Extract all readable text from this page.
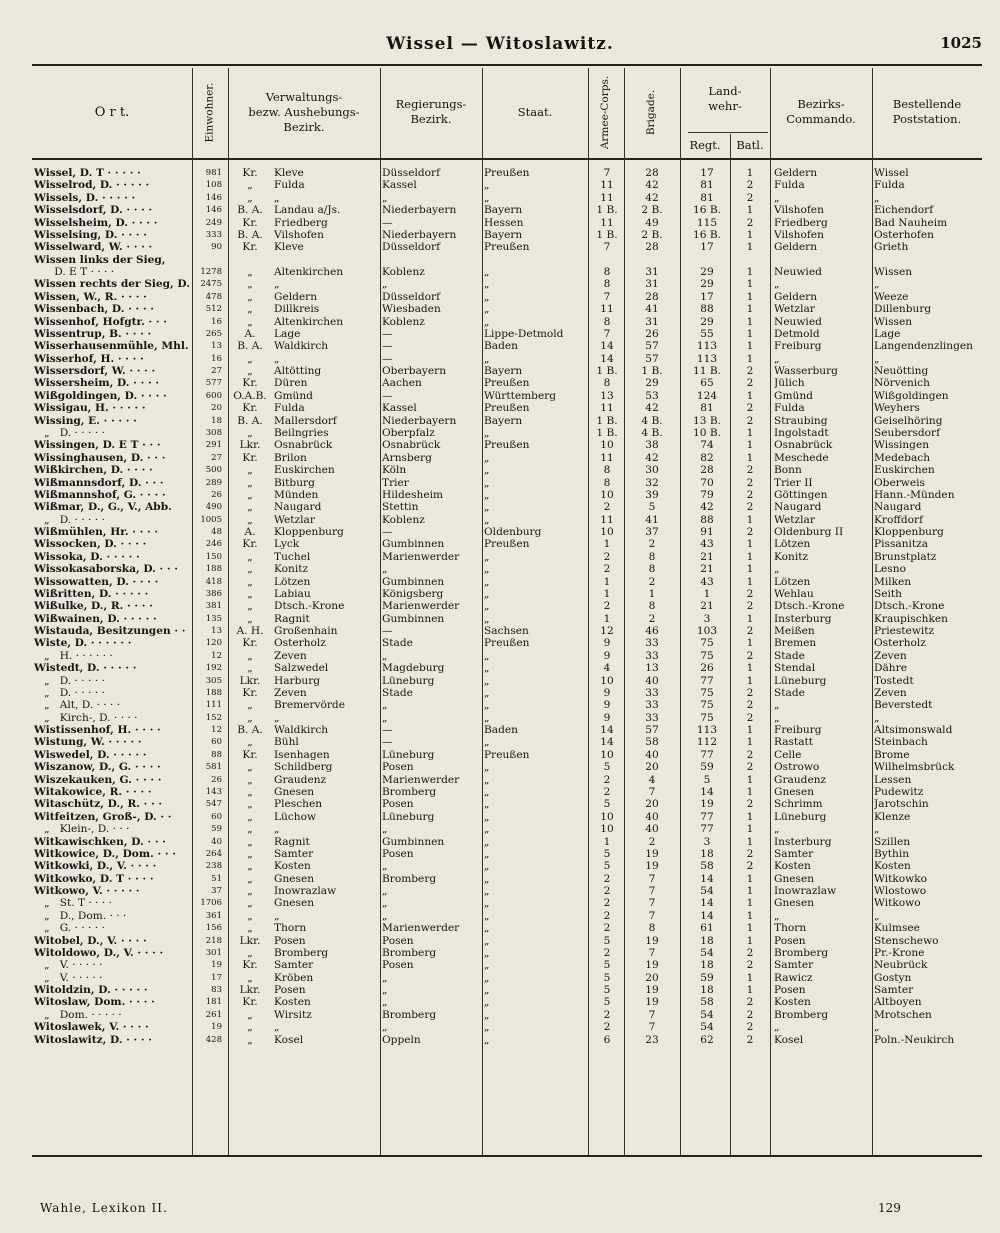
Wissel — Witoslawitz.	1025
O r t.	Einwohner.	Verwaltungs-
bezw. Aushebungs-
Bezirk.
Regierungs-
Bezirk.
Staat.	Armee-Corps.	Brigade.	Land-
wehr-
Regt.	Batl.
Bezirks-
Commando.
Bestellende
Poststation.
Wissel, D. T · · · · ·	981	Kr.	Kleve	Düsseldorf	Preußen	7	28	17	1	Geldern	Wissel
Wisselrod, D. · · · · ·	108	„	Fulda	Kassel	„	11	42	81	2	Fulda	Fulda
Wissels, D. · · · · ·	146	„	„	„	„	11	42	81	2	„	„
Wisselsdorf, D. · · · ·	146	B. A.	Landau a/Js.	Niederbayern	Bayern	1 B.	2 B.	16 B.	1	Vilshofen	Eichendorf
Wisselsheim, D. · · · ·	249	Kr.	Friedberg	—	Hessen	11	49	115	2	Friedberg	Bad Nauheim
Wisselsing, D. · · · ·	333	B. A.	Vilshofen	Niederbayern	Bayern	1 B.	2 B.	16 B.	1	Vilshofen	Osterhofen
Wisselward, W. · · · ·	90	Kr.	Kleve	Düsseldorf	Preußen	7	28	17	1	Geldern	Grieth
Wissen links der Sieg,
D. E T · · · ·	1278	„	Altenkirchen	Koblenz	„	8	31	29	1	Neuwied	Wissen
Wissen rechts der Sieg, D.	2475	„	„	„	„	8	31	29	1	„	„
Wissen, W., R. · · · ·	478	„	Geldern	Düsseldorf	„	7	28	17	1	Geldern	Weeze
Wissenbach, D. · · · ·	512	„	Dillkreis	Wiesbaden	„	11	41	88	1	Wetzlar	Dillenburg
Wissenhof, Hofgtr. · · ·	16	„	Altenkirchen	Koblenz	„	8	31	29	1	Neuwied	Wissen
Wissentrup, B. · · · ·	265	A.	Lage	—	Lippe-Detmold	7	26	55	1	Detmold	Lage
Wisserhausenmühle, Mhl.	13	B. A.	Waldkirch	—	Baden	14	57	113	1	Freiburg	Langendenzlingen
Wisserhof, H. · · · ·	16	„	„	—	„	14	57	113	1	„	„
Wissersdorf, W. · · · ·	27	„	Altötting	Oberbayern	Bayern	1 B.	1 B.	11 B.	2	Wasserburg	Neuötting
Wissersheim, D. · · · ·	577	Kr.	Düren	Aachen	Preußen	8	29	65	2	Jülich	Nörvenich
Wißgoldingen, D. · · · ·	600	O.A.B. Gmünd	—	Württemberg	13	53	124	1	Gmünd	Wißgoldingen
Wissigau, H. · · · · ·	20	Kr.	Fulda	Kassel	Preußen	11	42	81	2	Fulda	Weyhers
Wissing, E. · · · · ·	18	B. A.	Mallersdorf	Niederbayern	Bayern	1 B.	4 B.	13 B.	2	Straubing	Geiselhöring
„   D. · · · · ·	308	„	Beilngries	Oberpfalz	„	1 B.	4 B.	10 B.	1	Ingolstadt	Seubersdorf
Wissingen, D. E T · · ·	291	Lkr.	Osnabrück	Osnabrück	Preußen	10	38	74	1	Osnabrück	Wissingen
Wissinghausen, D. · · ·	27	Kr.	Brilon	Arnsberg	„	11	42	82	1	Meschede	Medebach
Wißkirchen, D. · · · ·	500	„	Euskirchen	Köln	„	8	30	28	2	Bonn	Euskirchen
Wißmannsdorf, D. · · ·	289	„	Bitburg	Trier	„	8	32	70	2	Trier II	Oberweis
Wißmannshof, G. · · · ·	26	„	Münden	Hildesheim	„	10	39	79	2	Göttingen	Hann.-Münden
Wißmar, D., G., V., Abb.	490	„	Naugard	Stettin	„	2	5	42	2	Naugard	Naugard
„   D. · · · · ·	1005	„	Wetzlar	Koblenz	„	11	41	88	1	Wetzlar	Kroffdorf
Wißmühlen, Hr. · · · ·	48	A.	Kloppenburg	—	Oldenburg	10	37	91	2	Oldenburg II	Kloppenburg
Wissocken, D. · · · ·	246	Kr.	Lyck	Gumbinnen	Preußen	1	2	43	1	Lötzen	Pissanitza
Wissoka, D. · · · · ·	150	„	Tuchel	Marienwerder	„	2	8	21	1	Konitz	Brunstplatz
Wissokasaborska, D. · · ·	188	„	Konitz	„	„	2	8	21	1	„	Lesno
Wissowatten, D. · · · ·	418	„	Lötzen	Gumbinnen	„	1	2	43	1	Lötzen	Milken
Wißritten, D. · · · · ·	386	„	Labiau	Königsberg	„	1	1	1	2	Wehlau	Seith
Wißulke, D., R. · · · ·	381	„	Dtsch.-Krone	Marienwerder	„	2	8	21	2	Dtsch.-Krone	Dtsch.-Krone
Wißwainen, D. · · · · ·	135	„	Ragnit	Gumbinnen	„	1	2	3	1	Insterburg	Kraupischken
Wistauda, Besitzungen · ·	13	A. H. Großenhain	—	Sachsen	12	46	103	2	Meißen	Priestewitz
Wiste, D. · · · · · ·	120	Kr.	Osterholz	Stade	Preußen	9	33	75	1	Bremen	Osterholz
„   H. · · · · · ·	12	„	Zeven	„	„	9	33	75	2	Stade	Zeven
Wistedt, D. · · · · ·	192	„	Salzwedel	Magdeburg	„	4	13	26	1	Stendal	Dähre
„   D. · · · · ·	305	Lkr.	Harburg	Lüneburg	„	10	40	77	1	Lüneburg	Tostedt
„   D. · · · · ·	188	Kr.	Zeven	Stade	„	9	33	75	2	Stade	Zeven
„   Alt, D. · · · ·	111	„	Bremervörde	„	„	9	33	75	2	„	Beverstedt
„   Kirch-, D. · · · ·	152	„	„	„	„	9	33	75	2	„	„
Wistissenhof, H. · · · ·	12	B. A.	Waldkirch	—	Baden	14	57	113	1	Freiburg	Altsimonswald
Wistung, W. · · · · ·	60	„	Bühl	—	„	14	58	112	1	Rastatt	Steinbach
Wiswedel, D. · · · · ·	88	Kr.	Isenhagen	Lüneburg	Preußen	10	40	77	2	Celle	Brome
Wiszanow, D., G. · · · ·	581	„	Schildberg	Posen	„	5	20	59	2	Ostrowo	Wilhelmsbrück
Wiszekauken, G. · · · ·	26	„	Graudenz	Marienwerder	„	2	4	5	1	Graudenz	Lessen
Witakowice, R. · · · ·	143	„	Gnesen	Bromberg	„	2	7	14	1	Gnesen	Pudewitz
Witaschütz, D., R. · · ·	547	„	Pleschen	Posen	„	5	20	19	2	Schrimm	Jarotschin
Witfeitzen, Groß-, D. · ·	60	„	Lüchow	Lüneburg	„	10	40	77	1	Lüneburg	Klenze
„   Klein-, D. · · ·	59	„	„	„	„	10	40	77	1	„	„
Witkawischken, D. · · ·	40	„	Ragnit	Gumbinnen	„	1	2	3	1	Insterburg	Szillen
Witkowice, D., Dom. · · ·	264	„	Samter	Posen	„	5	19	18	2	Samter	Bythin
Witkowki, D., V. · · · ·	238	„	Kosten	„	„	5	19	58	2	Kosten	Kosten
Witkowko, D. T · · · ·	51	„	Gnesen	Bromberg	„	2	7	14	1	Gnesen	Witkowko
Witkowo, V. · · · · ·	37	„	Inowrazlaw	„	„	2	7	54	1	Inowrazlaw	Wlostowo
„   St. T · · · ·	1706	„	Gnesen	„	„	2	7	14	1	Gnesen	Witkowo
„   D., Dom. · · ·	361	„	„	„	„	2	7	14	1	„	„
„   G. · · · · ·	156	„	Thorn	Marienwerder	„	2	8	61	1	Thorn	Kulmsee
Witobel, D., V. · · · ·	218	Lkr.	Posen	Posen	„	5	19	18	1	Posen	Stenschewo
Witoldowo, D., V. · · · ·	301	„	Bromberg	Bromberg	„	2	7	54	2	Bromberg	Pr.-Krone
„   V. · · · · ·	19	Kr.	Samter	Posen	„	5	19	18	2	Samter	Neubrück
„   V. · · · · ·	17	„	Kröben	„	„	5	20	59	1	Rawicz	Gostyn
Witoldzin, D. · · · · ·	83	Lkr.	Posen	„	„	5	19	18	1	Posen	Samter
Witoslaw, Dom. · · · ·	181	Kr.	Kosten	„	„	5	19	58	2	Kosten	Altboyen
„   Dom. · · · · ·	261	„	Wirsitz	Bromberg	„	2	7	54	2	Bromberg	Mrotschen
Witoslawek, V. · · · ·	19	„	„	„	„	2	7	54	2	„	„
Witoslawitz, D. · · · ·	428	„	Kosel	Oppeln	„	6	23	62	2	Kosel	Poln.-Neukirch
Wahle, Lexikon II.	129
